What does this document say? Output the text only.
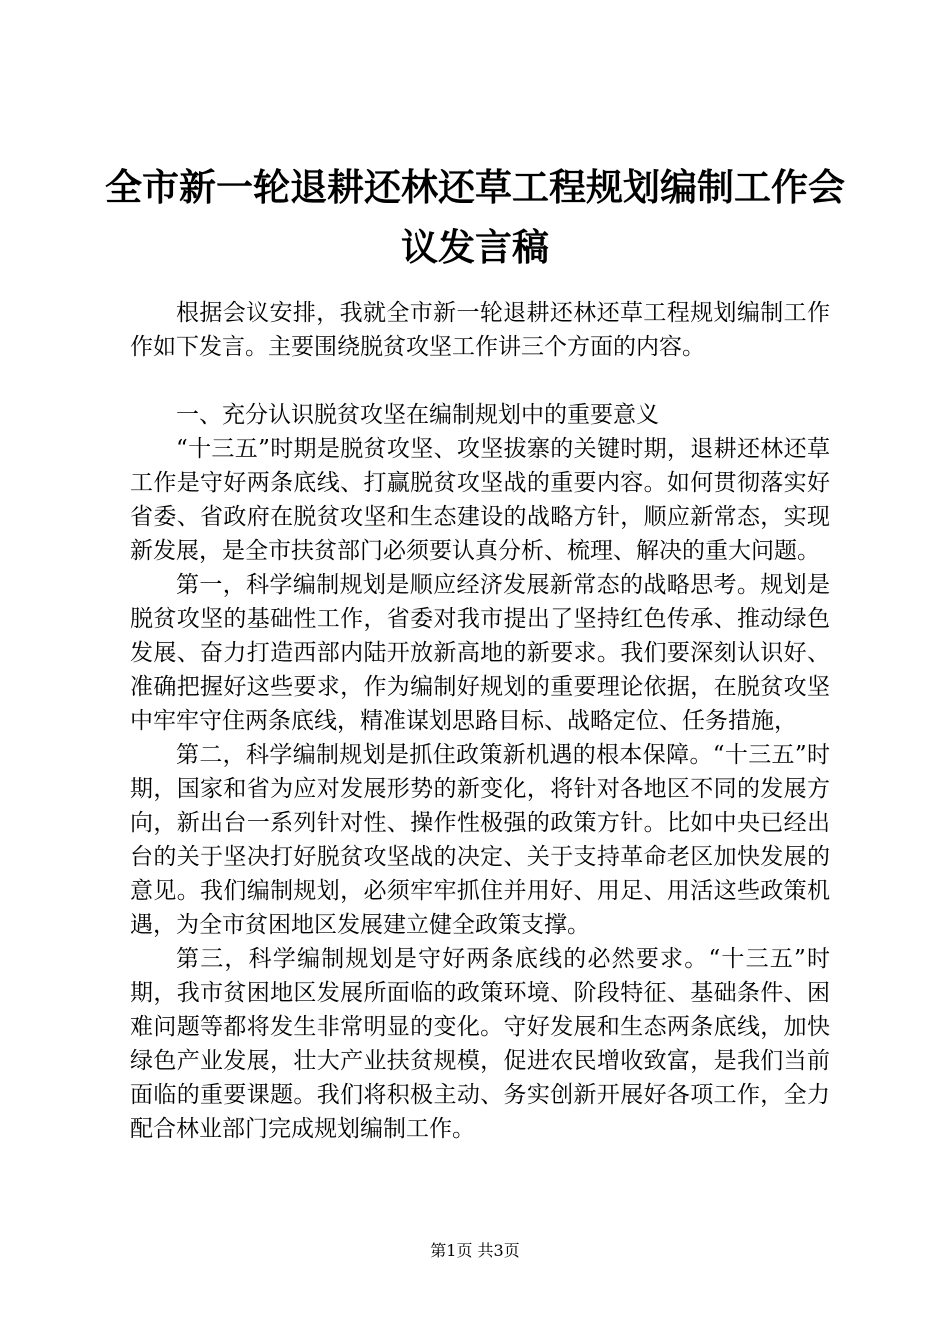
全市新一轮退耕还林还草工程规划编制工作会议发言稿

根据会议安排，我就全市新一轮退耕还林还草工程规划编制工作作如下发言。主要围绕脱贫攻坚工作讲三个方面的内容。

一、充分认识脱贫攻坚在编制规划中的重要意义

“十三五”时期是脱贫攻坚、攻坚拔寨的关键时期，退耕还林还草工作是守好两条底线、打赢脱贫攻坚战的重要内容。如何贯彻落实好省委、省政府在脱贫攻坚和生态建设的战略方针，顺应新常态，实现新发展，是全市扶贫部门必须要认真分析、梳理、解决的重大问题。

第一，科学编制规划是顺应经济发展新常态的战略思考。规划是脱贫攻坚的基础性工作，省委对我市提出了坚持红色传承、推动绿色发展、奋力打造西部内陆开放新高地的新要求。我们要深刻认识好、准确把握好这些要求，作为编制好规划的重要理论依据，在脱贫攻坚中牢牢守住两条底线，精准谋划思路目标、战略定位、任务措施，

第二，科学编制规划是抓住政策新机遇的根本保障。“十三五”时期，国家和省为应对发展形势的新变化，将针对各地区不同的发展方向，新出台一系列针对性、操作性极强的政策方针。比如中央已经出台的关于坚决打好脱贫攻坚战的决定、关于支持革命老区加快发展的意见。我们编制规划，必须牢牢抓住并用好、用足、用活这些政策机遇，为全市贫困地区发展建立健全政策支撑。

第三，科学编制规划是守好两条底线的必然要求。“十三五”时期，我市贫困地区发展所面临的政策环境、阶段特征、基础条件、困难问题等都将发生非常明显的变化。守好发展和生态两条底线，加快绿色产业发展，壮大产业扶贫规模，促进农民增收致富，是我们当前面临的重要课题。我们将积极主动、务实创新开展好各项工作，全力配合林业部门完成规划编制工作。

第1页 共3页
